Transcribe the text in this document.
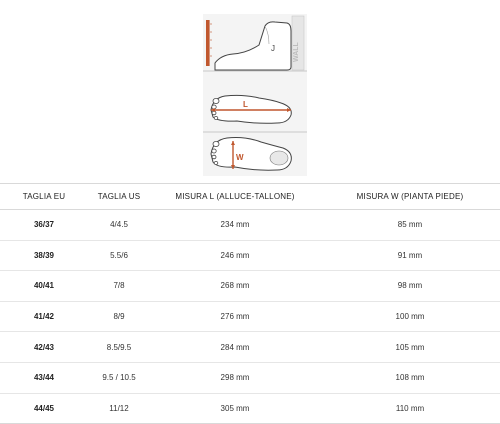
WALL
J
L
W
TAGLIA EU	TAGLIA US	MISURA L (ALLUCE-TALLONE)	MISURA W (PIANTA PIEDE)
36/37	4/4.5	234 mm	85 mm
38/39	5.5/6	246 mm	91 mm
40/41	7/8	268 mm	98 mm
41/42	8/9	276 mm	100 mm
42/43	8.5/9.5	284 mm	105 mm
43/44	9.5 / 10.5	298 mm	108 mm
44/45	11/12	305 mm	110 mm
